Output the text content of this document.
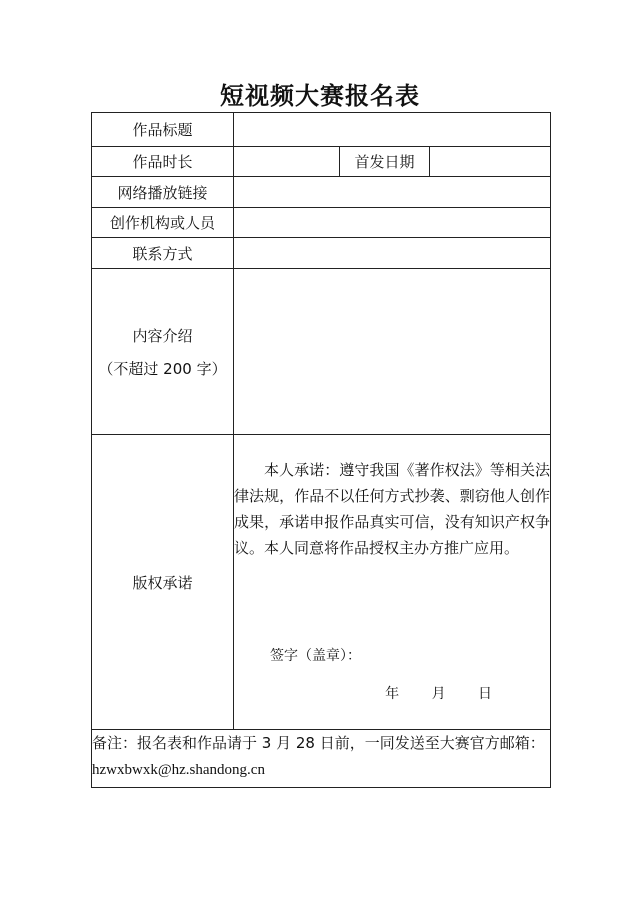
短视频大赛报名表
作品标题			
作品时长		首发日期	
网络播放链接			
创作机构或人员			
联系方式			

内容介绍
（不超过 200 字）			

版权承诺	本人承诺：遵守我国《著作权法》等相关法律法规，作品不以任何方式抄袭、剽窃他人创作成果，承诺申报作品真实可信，没有知识产权争议。本人同意将作品授权主办方推广应用。

签字（盖章）：
年 月 日		

备注：报名表和作品请于 3 月 28 日前，一同发送至大赛官方邮箱：
hzwxbwxk@hz.shandong.cn			
